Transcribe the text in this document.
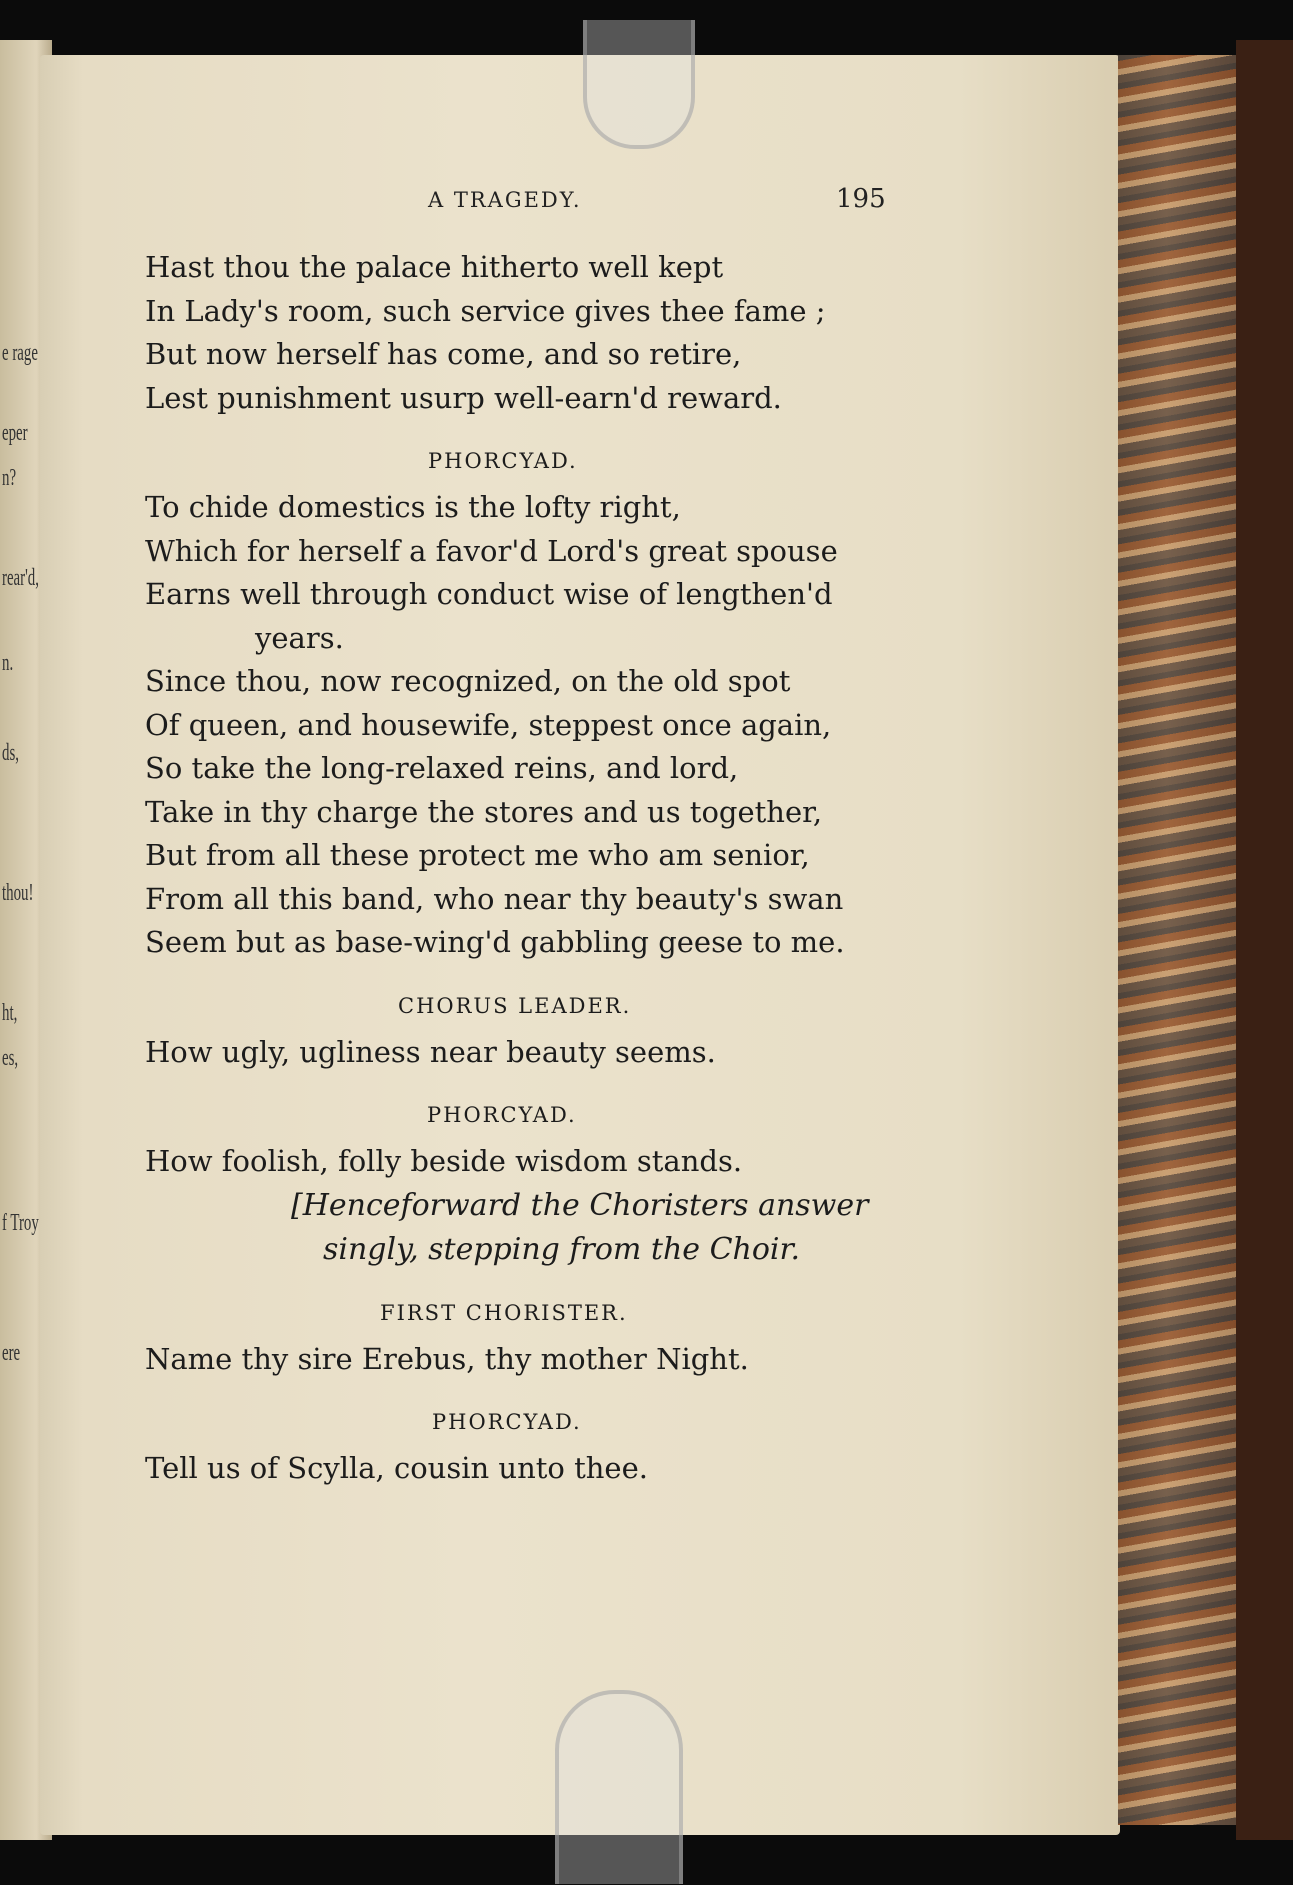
e rage
eper
n?
rear'd,
n.
ds,
thou!
ht,
es,
f Troy
ere
A TRAGEDY.	195
Hast thou the palace hitherto well kept
In Lady's room, such service gives thee fame ;
But now herself has come, and so retire,
Lest punishment usurp well-earn'd reward.
PHORCYAD.
To chide domestics is the lofty right,
Which for herself a favor'd Lord's great spouse
Earns well through conduct wise of lengthen'd
years.
Since thou, now recognized, on the old spot
Of queen, and housewife, steppest once again,
So take the long-relaxed reins, and lord,
Take in thy charge the stores and us together,
But from all these protect me who am senior,
From all this band, who near thy beauty's swan
Seem but as base-wing'd gabbling geese to me.
CHORUS LEADER.
How ugly, ugliness near beauty seems.
PHORCYAD.
How foolish, folly beside wisdom stands.
[Henceforward the Choristers answer
singly, stepping from the Choir.
FIRST CHORISTER.
Name thy sire Erebus, thy mother Night.
PHORCYAD.
Tell us of Scylla, cousin unto thee.
